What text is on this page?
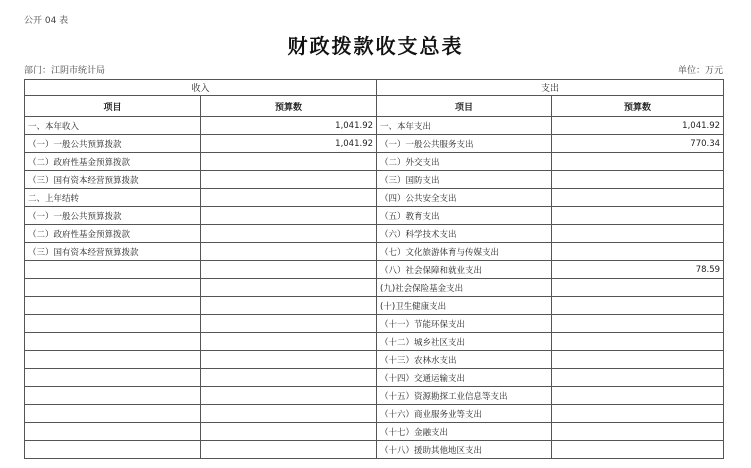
公开 04 表
财政拨款收支总表
部门：江阴市统计局	单位：万元
收入		支出	
项目	预算数	项目	预算数
一、本年收入	1,041.92	一、本年支出	1,041.92
（一）一般公共预算拨款	1,041.92	（一）一般公共服务支出	770.34
（二）政府性基金预算拨款		（二）外交支出	
（三）国有资本经营预算拨款		（三）国防支出	
二、上年结转		（四）公共安全支出	
（一）一般公共预算拨款		（五）教育支出	
（二）政府性基金预算拨款		（六）科学技术支出	
（三）国有资本经营预算拨款		（七）文化旅游体育与传媒支出	
		（八）社会保障和就业支出	78.59
		(九)社会保险基金支出	
		(十)卫生健康支出	
		（十一）节能环保支出	
		（十二）城乡社区支出	
		（十三）农林水支出	
		（十四）交通运输支出	
		（十五）资源勘探工业信息等支出	
		（十六）商业服务业等支出	
		（十七）金融支出	
		（十八）援助其他地区支出	
